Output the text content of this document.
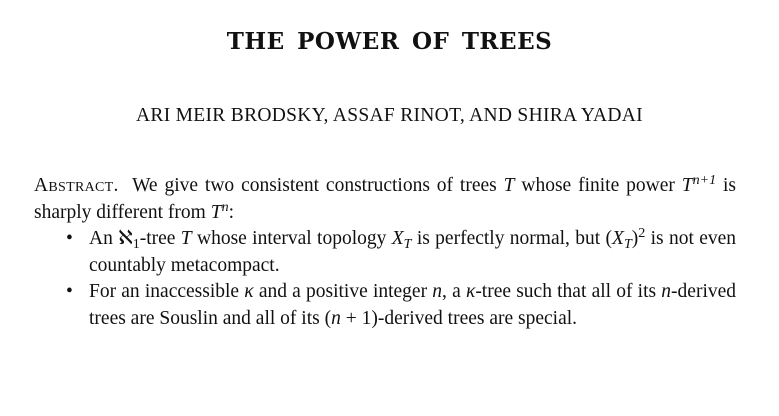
THE POWER OF TREES
ARI MEIR BRODSKY, ASSAF RINOT, AND SHIRA YADAI

Abstract. We give two consistent constructions of trees T whose finite power $T^{n+1}$ is sharply different from $T^n$:

• An ℵ$_1$-tree T whose interval topology $X_T$ is perfectly normal, but $(X_T)^2$ is not even countably metacompact.
• For an inaccessible κ and a positive integer n, a κ-tree such that all of its n-derived trees are Souslin and all of its (n + 1)-derived trees are special.
